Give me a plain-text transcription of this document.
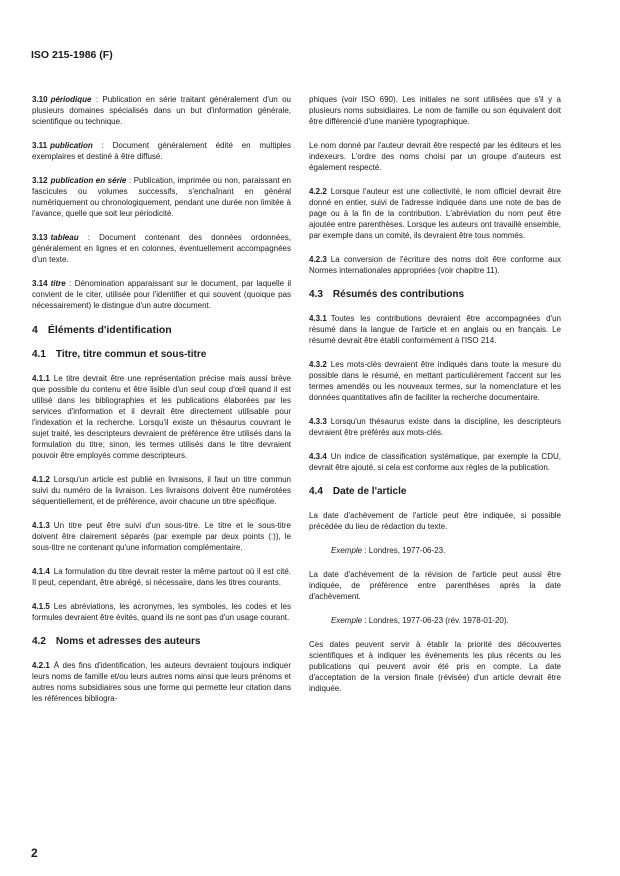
ISO 215-1986 (F)

3.10 périodique : Publication en série traitant généralement d'un ou plusieurs domaines spécialisés dans un but d'information générale, scientifique ou technique.

3.11 publication : Document généralement édité en multiples exemplaires et destiné à être diffusé.

3.12 publication en série : Publication, imprimée ou non, paraissant en fascicules ou volumes successifs, s'enchaînant en général numériquement ou chronologiquement, pendant une durée non limitée à l'avance, quelle que soit leur périodicité.

3.13 tableau : Document contenant des données ordonnées, généralement en lignes et en colonnes, éventuellement accompagnées d'un texte.

3.14 titre : Dénomination apparaissant sur le document, par laquelle il convient de le citer, utilisée pour l'identifier et qui souvent (quoique pas nécessairement) le distingue d'un autre document.

4 Éléments d'identification
4.1 Titre, titre commun et sous-titre

4.1.1 Le titre devrait être une représentation précise mais aussi brève que possible du contenu et être lisible d'un seul coup d'œil quand il est utilisé dans les bibliographies et les publications élaborées par les services d'information et il devrait être directement utilisable pour l'indexation et la recherche. Lorsqu'il existe un thésaurus couvrant le sujet traité, les descripteurs devraient de préférence être utilisés dans la formulation du titre; sinon, les termes utilisés dans le titre devraient pouvoir être employés comme descripteurs.

4.1.2 Lorsqu'un article est publié en livraisons, il faut un titre commun suivi du numéro de la livraison. Les livraisons doivent être numérotées séquentiellement, et de préférence, avoir chacune un titre spécifique.

4.1.3 Un titre peut être suivi d'un sous-titre. Le titre et le sous-titre doivent être clairement séparés (par exemple par deux points (:)), le sous-titre ne contenant qu'une information complémentaire.

4.1.4 La formulation du titre devrait rester la même partout où il est cité. Il peut, cependant, être abrégé, si nécessaire, dans les titres courants.

4.1.5 Les abréviations, les acronymes, les symboles, les codes et les formules devraient être évités, quand ils ne sont pas d'un usage courant.

4.2 Noms et adresses des auteurs

4.2.1 À des fins d'identification, les auteurs devraient toujours indiquer leurs noms de famille et/ou leurs autres noms ainsi que leurs prénoms et autres noms subsidiaires sous une forme qui permette leur citation dans les références bibliogra-

phiques (voir ISO 690). Les initiales ne sont utilisées que s'il y a plusieurs noms subsidiaires. Le nom de famille ou son équivalent doit être différencié d'une manière typographique.

Le nom donné par l'auteur devrait être respecté par les éditeurs et les indexeurs. L'ordre des noms choisi par un groupe d'auteurs est également respecté.

4.2.2 Lorsque l'auteur est une collectivité, le nom officiel devrait être donné en entier, suivi de l'adresse indiquée dans une note de bas de page ou à la fin de la contribution. L'abréviation du nom peut être ajoutée entre parenthèses. Lorsque les auteurs ont travaillé ensemble, par exemple dans un comité, ils devraient être tous nommés.

4.2.3 La conversion de l'écriture des noms doit être conforme aux Normes internationales appropriées (voir chapitre 11).

4.3 Résumés des contributions

4.3.1 Toutes les contributions devraient être accompagnées d'un résumé dans la langue de l'article et en anglais ou en français. Le résumé devrait être établi conformément à l'ISO 214.

4.3.2 Les mots-clés devraient être indiqués dans toute la mesure du possible dans le résumé, en mettant particulièrement l'accent sur les termes amendés ou les nouveaux termes, sur la nomenclature et les données quantitatives afin de faciliter la recherche documentaire.

4.3.3 Lorsqu'un thésaurus existe dans la discipline, les descripteurs devraient être préférés aux mots-clés.

4.3.4 Un indice de classification systématique, par exemple la CDU, devrait être ajouté, si cela est conforme aux règles de la publication.

4.4 Date de l'article

La date d'achèvement de l'article peut être indiquée, si possible précédée du lieu de rédaction du texte.

Exemple : Londres, 1977-06-23.

La date d'achèvement de la révision de l'article peut aussi être indiquée, de préférence entre parenthèses après la date d'achèvement.

Exemple : Londres, 1977-06-23 (rév. 1978-01-20).

Ces dates peuvent servir à établir la priorité des découvertes scientifiques et à indiquer les événements les plus récents ou les publications qui peuvent avoir été pris en compte. La date d'acceptation de la version finale (révisée) d'un article devrait être indiquée.

2
